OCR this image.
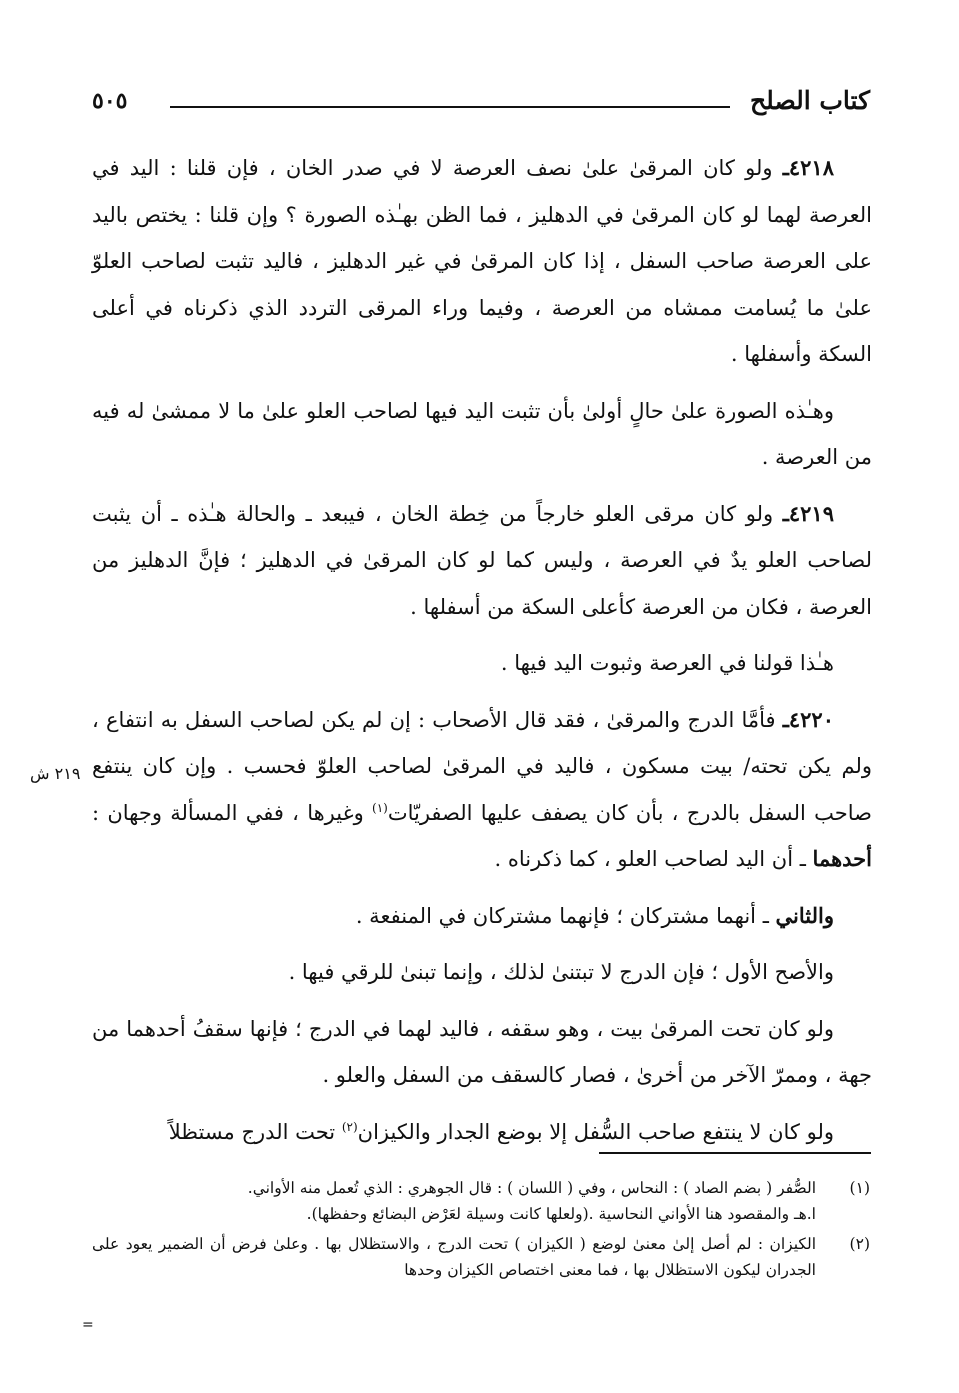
كتاب الصلح
٥٠٥

٤٢١٨ـ ولو كان المرقىٰ علىٰ نصف العرصة لا في صدر الخان ، فإن قلنا : اليد في العرصة لهما لو كان المرقىٰ في الدهليز ، فما الظن بهـٰذه الصورة ؟ وإن قلنا : يختص باليد على العرصة صاحب السفل ، إذا كان المرقىٰ في غير الدهليز ، فاليد تثبت لصاحب العلوّ علىٰ ما يُسامت ممشاه من العرصة ، وفيما وراء المرقى التردد الذي ذكرناه في أعلى السكة وأسفلها .

وهـٰذه الصورة علىٰ حالٍ أولىٰ بأن تثبت اليد فيها لصاحب العلو علىٰ ما لا ممشىٰ له فيه من العرصة .

٤٢١٩ـ ولو كان مرقى العلو خارجاً من خِطة الخان ، فيبعد ـ والحالة هـٰذه ـ أن يثبت لصاحب العلو يدٌ في العرصة ، وليس كما لو كان المرقىٰ في الدهليز ؛ فإنَّ الدهليز من العرصة ، فكان من العرصة كأعلى السكة من أسفلها .

هـٰذا قولنا في العرصة وثبوت اليد فيها .

٤٢٢٠ـ فأمَّا الدرج والمرقىٰ ، فقد قال الأصحاب : إن لم يكن لصاحب السفل به انتفاع ، ولم يكن تحته/ بيت مسكون ، فاليد في المرقىٰ لصاحب العلوّ فحسب . وإن كان ينتفع صاحب السفل بالدرج ، بأن كان يصفف عليها الصفريّات$^{(١)}$ وغيرها ، ففي المسألة وجهان : أحدهما ـ أن اليد لصاحب العلو ، كما ذكرناه .

والثاني ـ أنهما مشتركان ؛ فإنهما مشتركان في المنفعة .

والأصح الأول ؛ فإن الدرج لا تبتنىٰ لذلك ، وإنما تبنىٰ للرقي فيها .

ولو كان تحت المرقىٰ بيت ، وهو سقفه ، فاليد لهما في الدرج ؛ فإنها سقفُ أحدهما من جهة ، وممرّ الآخر من أخرىٰ ، فصار كالسقف من السفل والعلو .

ولو كان لا ينتفع صاحب السُّفل إلا بوضع الجدار والكيزان$^{(٢)}$ تحت الدرج مستظلاً

٢١٩ ش
(١)

الصُّفر ( بضم الصاد ) : النحاس ، وفي ( اللسان ) : قال الجوهري : الذي تُعمل منه الأواني.

ا.هـ والمقصود هنا الأواني النحاسية .(ولعلها كانت وسيلة لعَرْض البضائع وحفظها).

(٢)

الكيزان : لم أصل إلىٰ معنىٰ لوضع ( الكيزان ) تحت الدرج ، والاستظلال بها . وعلىٰ فرض أن الضمير يعود على الجدران ليكون الاستظلال بها ، فما معنى اختصاص الكيزان وحدها

=
